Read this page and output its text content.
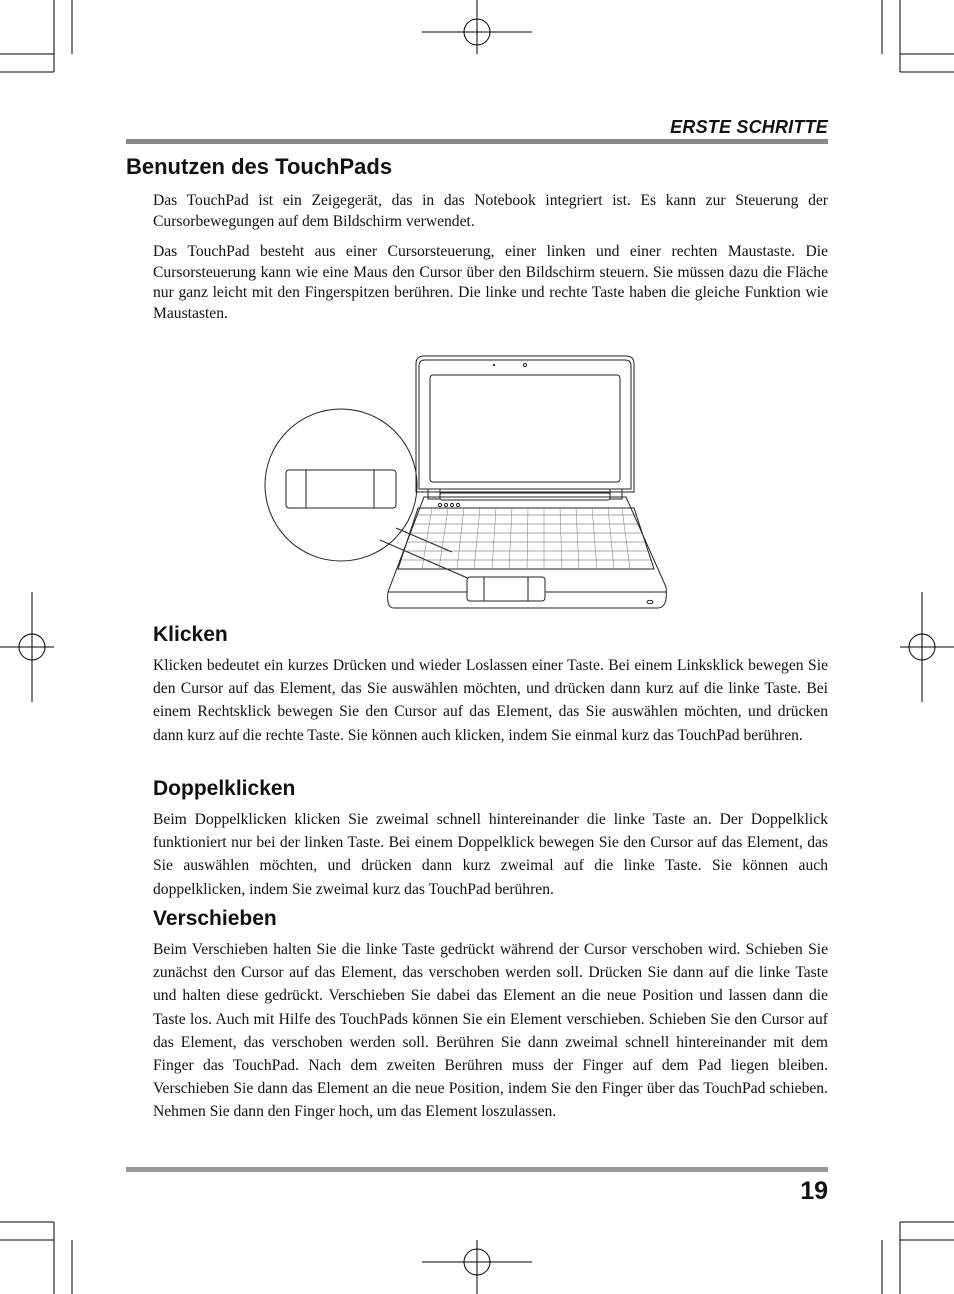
ERSTE SCHRITTE
Benutzen des TouchPads

Das TouchPad ist ein Zeigegerät, das in das Notebook integriert ist. Es kann zur Steuerung der Cursorbewegungen auf dem Bildschirm verwendet.

Das TouchPad besteht aus einer Cursorsteuerung, einer linken und einer rechten Maustaste. Die Cursorsteuerung kann wie eine Maus den Cursor über den Bildschirm steuern. Sie müssen dazu die Fläche nur ganz leicht mit den Fingerspitzen berühren. Die linke und rechte Taste haben die gleiche Funktion wie Maustasten.

Klicken

Klicken bedeutet ein kurzes Drücken und wieder Loslassen einer Taste. Bei einem Linksklick bewegen Sie den Cursor auf das Element, das Sie auswählen möchten, und drücken dann kurz auf die linke Taste. Bei einem Rechtsklick bewegen Sie den Cursor auf das Element, das Sie auswählen möchten, und drücken dann kurz auf die rechte Taste. Sie können auch klicken, indem Sie einmal kurz das TouchPad berühren.

Doppelklicken

Beim Doppelklicken klicken Sie zweimal schnell hintereinander die linke Taste an. Der Doppelklick funktioniert nur bei der linken Taste. Bei einem Doppelklick bewegen Sie den Cursor auf das Element, das Sie auswählen möchten, und drücken dann kurz zweimal auf die linke Taste. Sie können auch doppelklicken, indem Sie zweimal kurz das TouchPad berühren.

Verschieben

Beim Verschieben halten Sie die linke Taste gedrückt während der Cursor verschoben wird. Schieben Sie zunächst den Cursor auf das Element, das verschoben werden soll. Drücken Sie dann auf die linke Taste und halten diese gedrückt. Verschieben Sie dabei das Element an die neue Position und lassen dann die Taste los. Auch mit Hilfe des TouchPads können Sie ein Element verschieben. Schieben Sie den Cursor auf das Element, das verschoben werden soll. Berühren Sie dann zweimal schnell hintereinander mit dem Finger das TouchPad. Nach dem zweiten Berühren muss der Finger auf dem Pad liegen bleiben. Verschieben Sie dann das Element an die neue Position, indem Sie den Finger über das TouchPad schieben. Nehmen Sie dann den Finger hoch, um das Element loszulassen.

19
